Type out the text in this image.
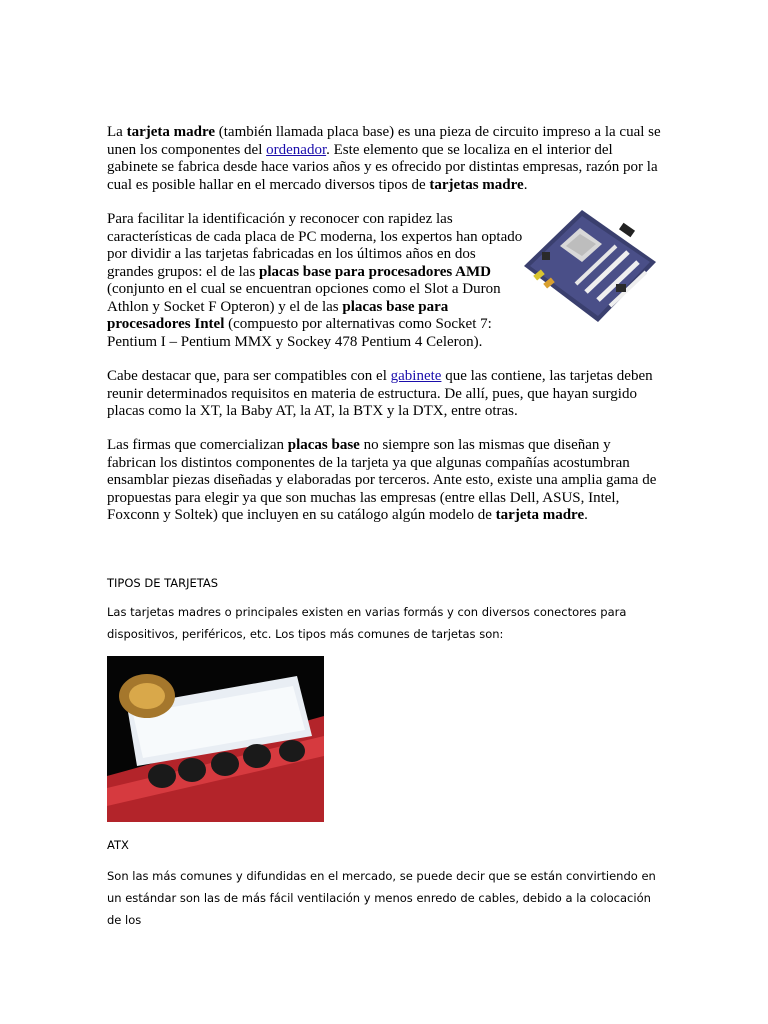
La tarjeta madre (también llamada placa base) es una pieza de circuito impreso a la cual se unen los componentes del ordenador. Este elemento que se localiza en el interior del gabinete se fabrica desde hace varios años y es ofrecido por distintas empresas, razón por la cual es posible hallar en el mercado diversos tipos de tarjetas madre.

Para facilitar la identificación y reconocer con rapidez las características de cada placa de PC moderna, los expertos han optado por dividir a las tarjetas fabricadas en los últimos años en dos grandes grupos: el de las placas base para procesadores AMD (conjunto en el cual se encuentran opciones como el Slot a Duron Athlon y Socket F Opteron) y el de las placas base para procesadores Intel (compuesto por alternativas como Socket 7: Pentium I – Pentium MMX y Sockey 478 Pentium 4 Celeron).

Cabe destacar que, para ser compatibles con el gabinete que las contiene, las tarjetas deben reunir determinados requisitos en materia de estructura. De allí, pues, que hayan surgido placas como la XT, la Baby AT, la AT, la BTX y la DTX, entre otras.

Las firmas que comercializan placas base no siempre son las mismas que diseñan y fabrican los distintos componentes de la tarjeta ya que algunas compañías acostumbran ensamblar piezas diseñadas y elaboradas por terceros. Ante esto, existe una amplia gama de propuestas para elegir ya que son muchas las empresas (entre ellas Dell, ASUS, Intel, Foxconn y Soltek) que incluyen en su catálogo algún modelo de tarjeta madre.

TIPOS DE TARJETAS

Las tarjetas madres o principales existen en varias formás y con diversos conectores para dispositivos, periféricos, etc. Los tipos más comunes de tarjetas son:

ATX

Son las más comunes y difundidas en el mercado, se puede decir que se están convirtiendo en un estándar son las de más fácil ventilación y menos enredo de cables, debido a la colocación de los
